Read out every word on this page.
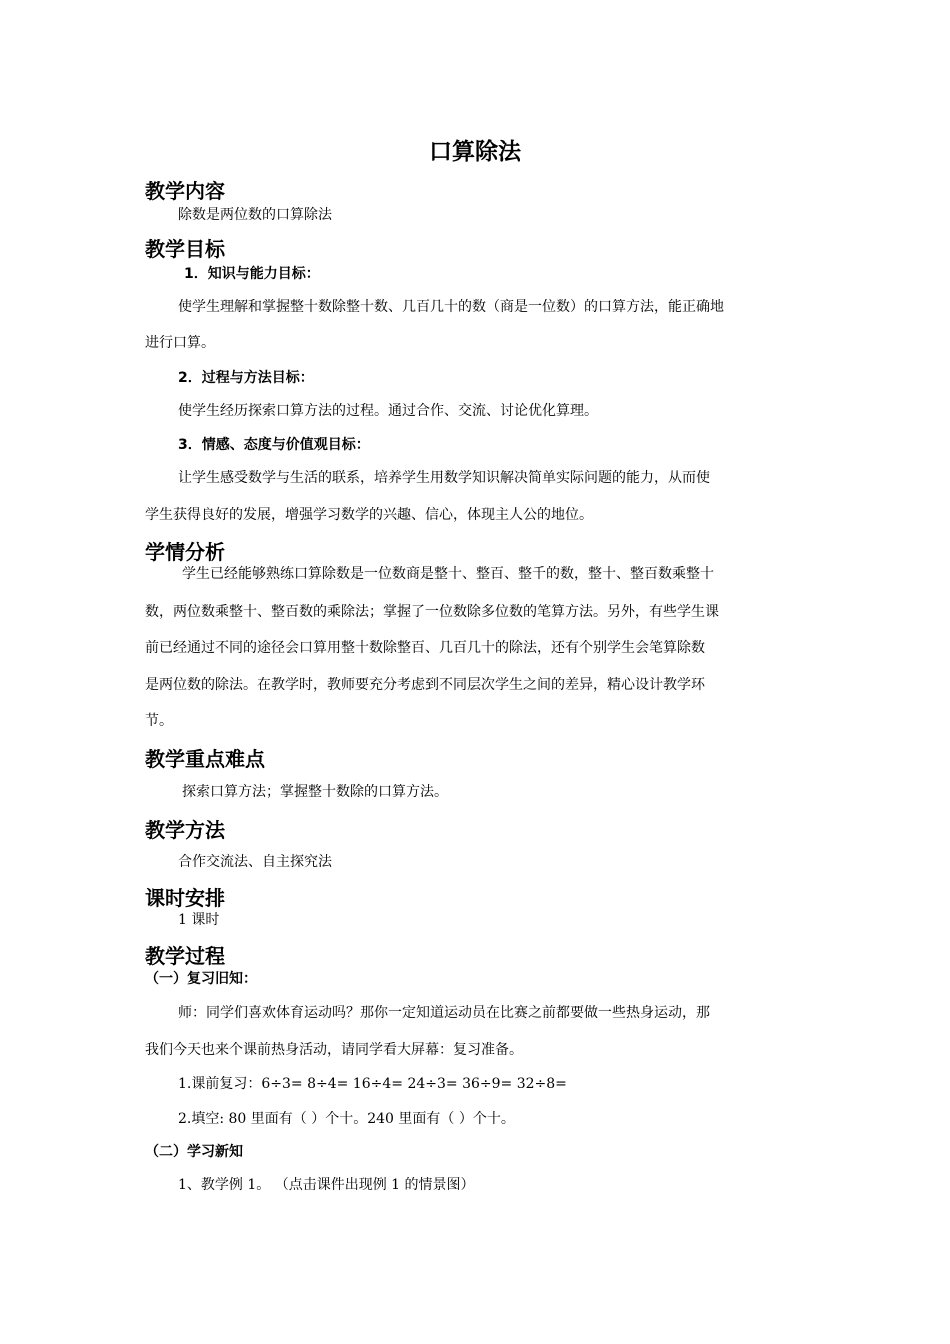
口算除法
教学内容
除数是两位数的口算除法
教学目标
1．知识与能力目标：
使学生理解和掌握整十数除整十数、几百几十的数（商是一位数）的口算方法，能正确地
进行口算。
2．过程与方法目标：
使学生经历探索口算方法的过程。通过合作、交流、讨论优化算理。
3．情感、态度与价值观目标：
让学生感受数学与生活的联系，培养学生用数学知识解决简单实际问题的能力，从而使
学生获得良好的发展，增强学习数学的兴趣、信心，体现主人公的地位。
学情分析
学生已经能够熟练口算除数是一位数商是整十、整百、整千的数，整十、整百数乘整十
数，两位数乘整十、整百数的乘除法；掌握了一位数除多位数的笔算方法。另外，有些学生课
前已经通过不同的途径会口算用整十数除整百、几百几十的除法，还有个别学生会笔算除数
是两位数的除法。在教学时，教师要充分考虑到不同层次学生之间的差异，精心设计教学环
节。
教学重点难点
探索口算方法；掌握整十数除的口算方法。
教学方法
合作交流法、自主探究法
课时安排
1 课时
教学过程
（一）复习旧知：
师：同学们喜欢体育运动吗？那你一定知道运动员在比赛之前都要做一些热身运动，那
我们今天也来个课前热身活动，请同学看大屏幕：复习准备。
1.课前复习：6÷3= 8÷4= 16÷4= 24÷3= 36÷9= 32÷8=
2.填空: 80 里面有（ ）个十。240 里面有（ ）个十。
（二）学习新知
1、教学例 1。 （点击课件出现例 1 的情景图）
